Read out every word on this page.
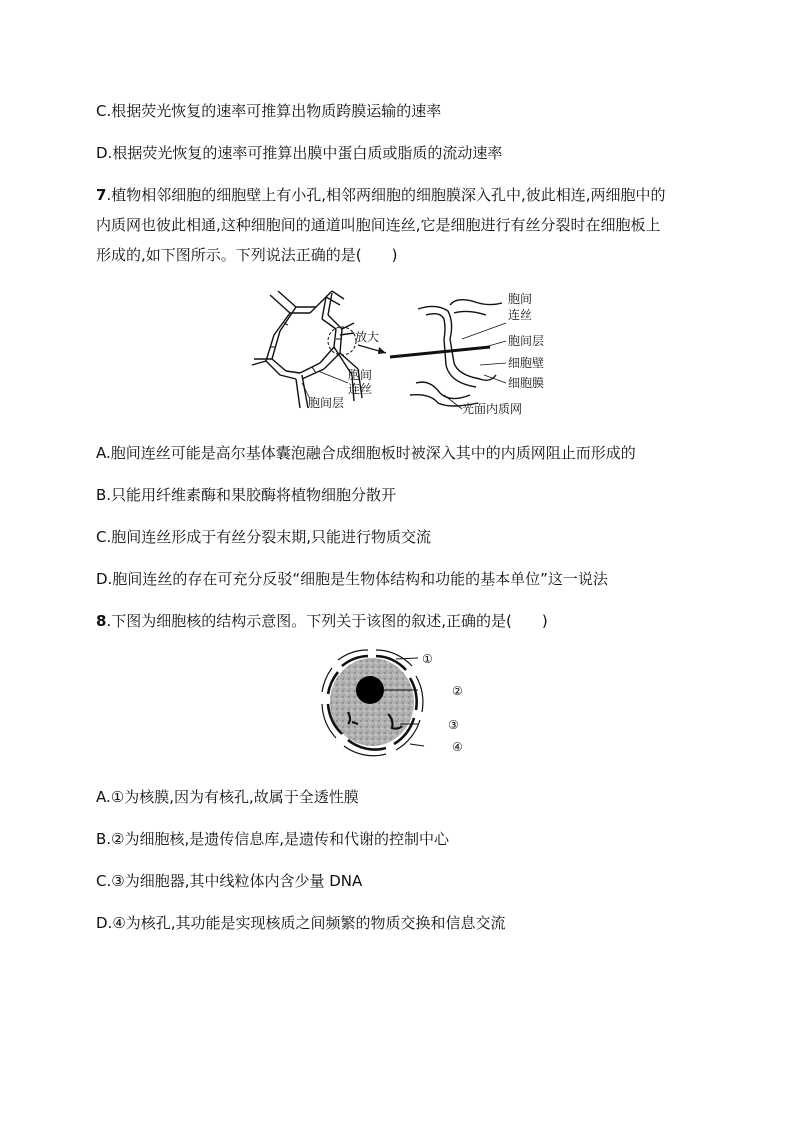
C.根据荧光恢复的速率可推算出物质跨膜运输的速率
D.根据荧光恢复的速率可推算出膜中蛋白质或脂质的流动速率
7.植物相邻细胞的细胞壁上有小孔,相邻两细胞的细胞膜深入孔中,彼此相连,两细胞中的
内质网也彼此相通,这种细胞间的通道叫胞间连丝,它是细胞进行有丝分裂时在细胞板上
形成的,如下图所示。下列说法正确的是(　　)
放大
胞间
连丝
胞间层
胞间
连丝
胞间层
细胞壁
细胞膜
光面内质网
A.胞间连丝可能是高尔基体囊泡融合成细胞板时被深入其中的内质网阻止而形成的
B.只能用纤维素酶和果胶酶将植物细胞分散开
C.胞间连丝形成于有丝分裂末期,只能进行物质交流
D.胞间连丝的存在可充分反驳“细胞是生物体结构和功能的基本单位”这一说法
8.下图为细胞核的结构示意图。下列关于该图的叙述,正确的是(　　)
①
②
③
④
A.①为核膜,因为有核孔,故属于全透性膜
B.②为细胞核,是遗传信息库,是遗传和代谢的控制中心
C.③为细胞器,其中线粒体内含少量 DNA
D.④为核孔,其功能是实现核质之间频繁的物质交换和信息交流
